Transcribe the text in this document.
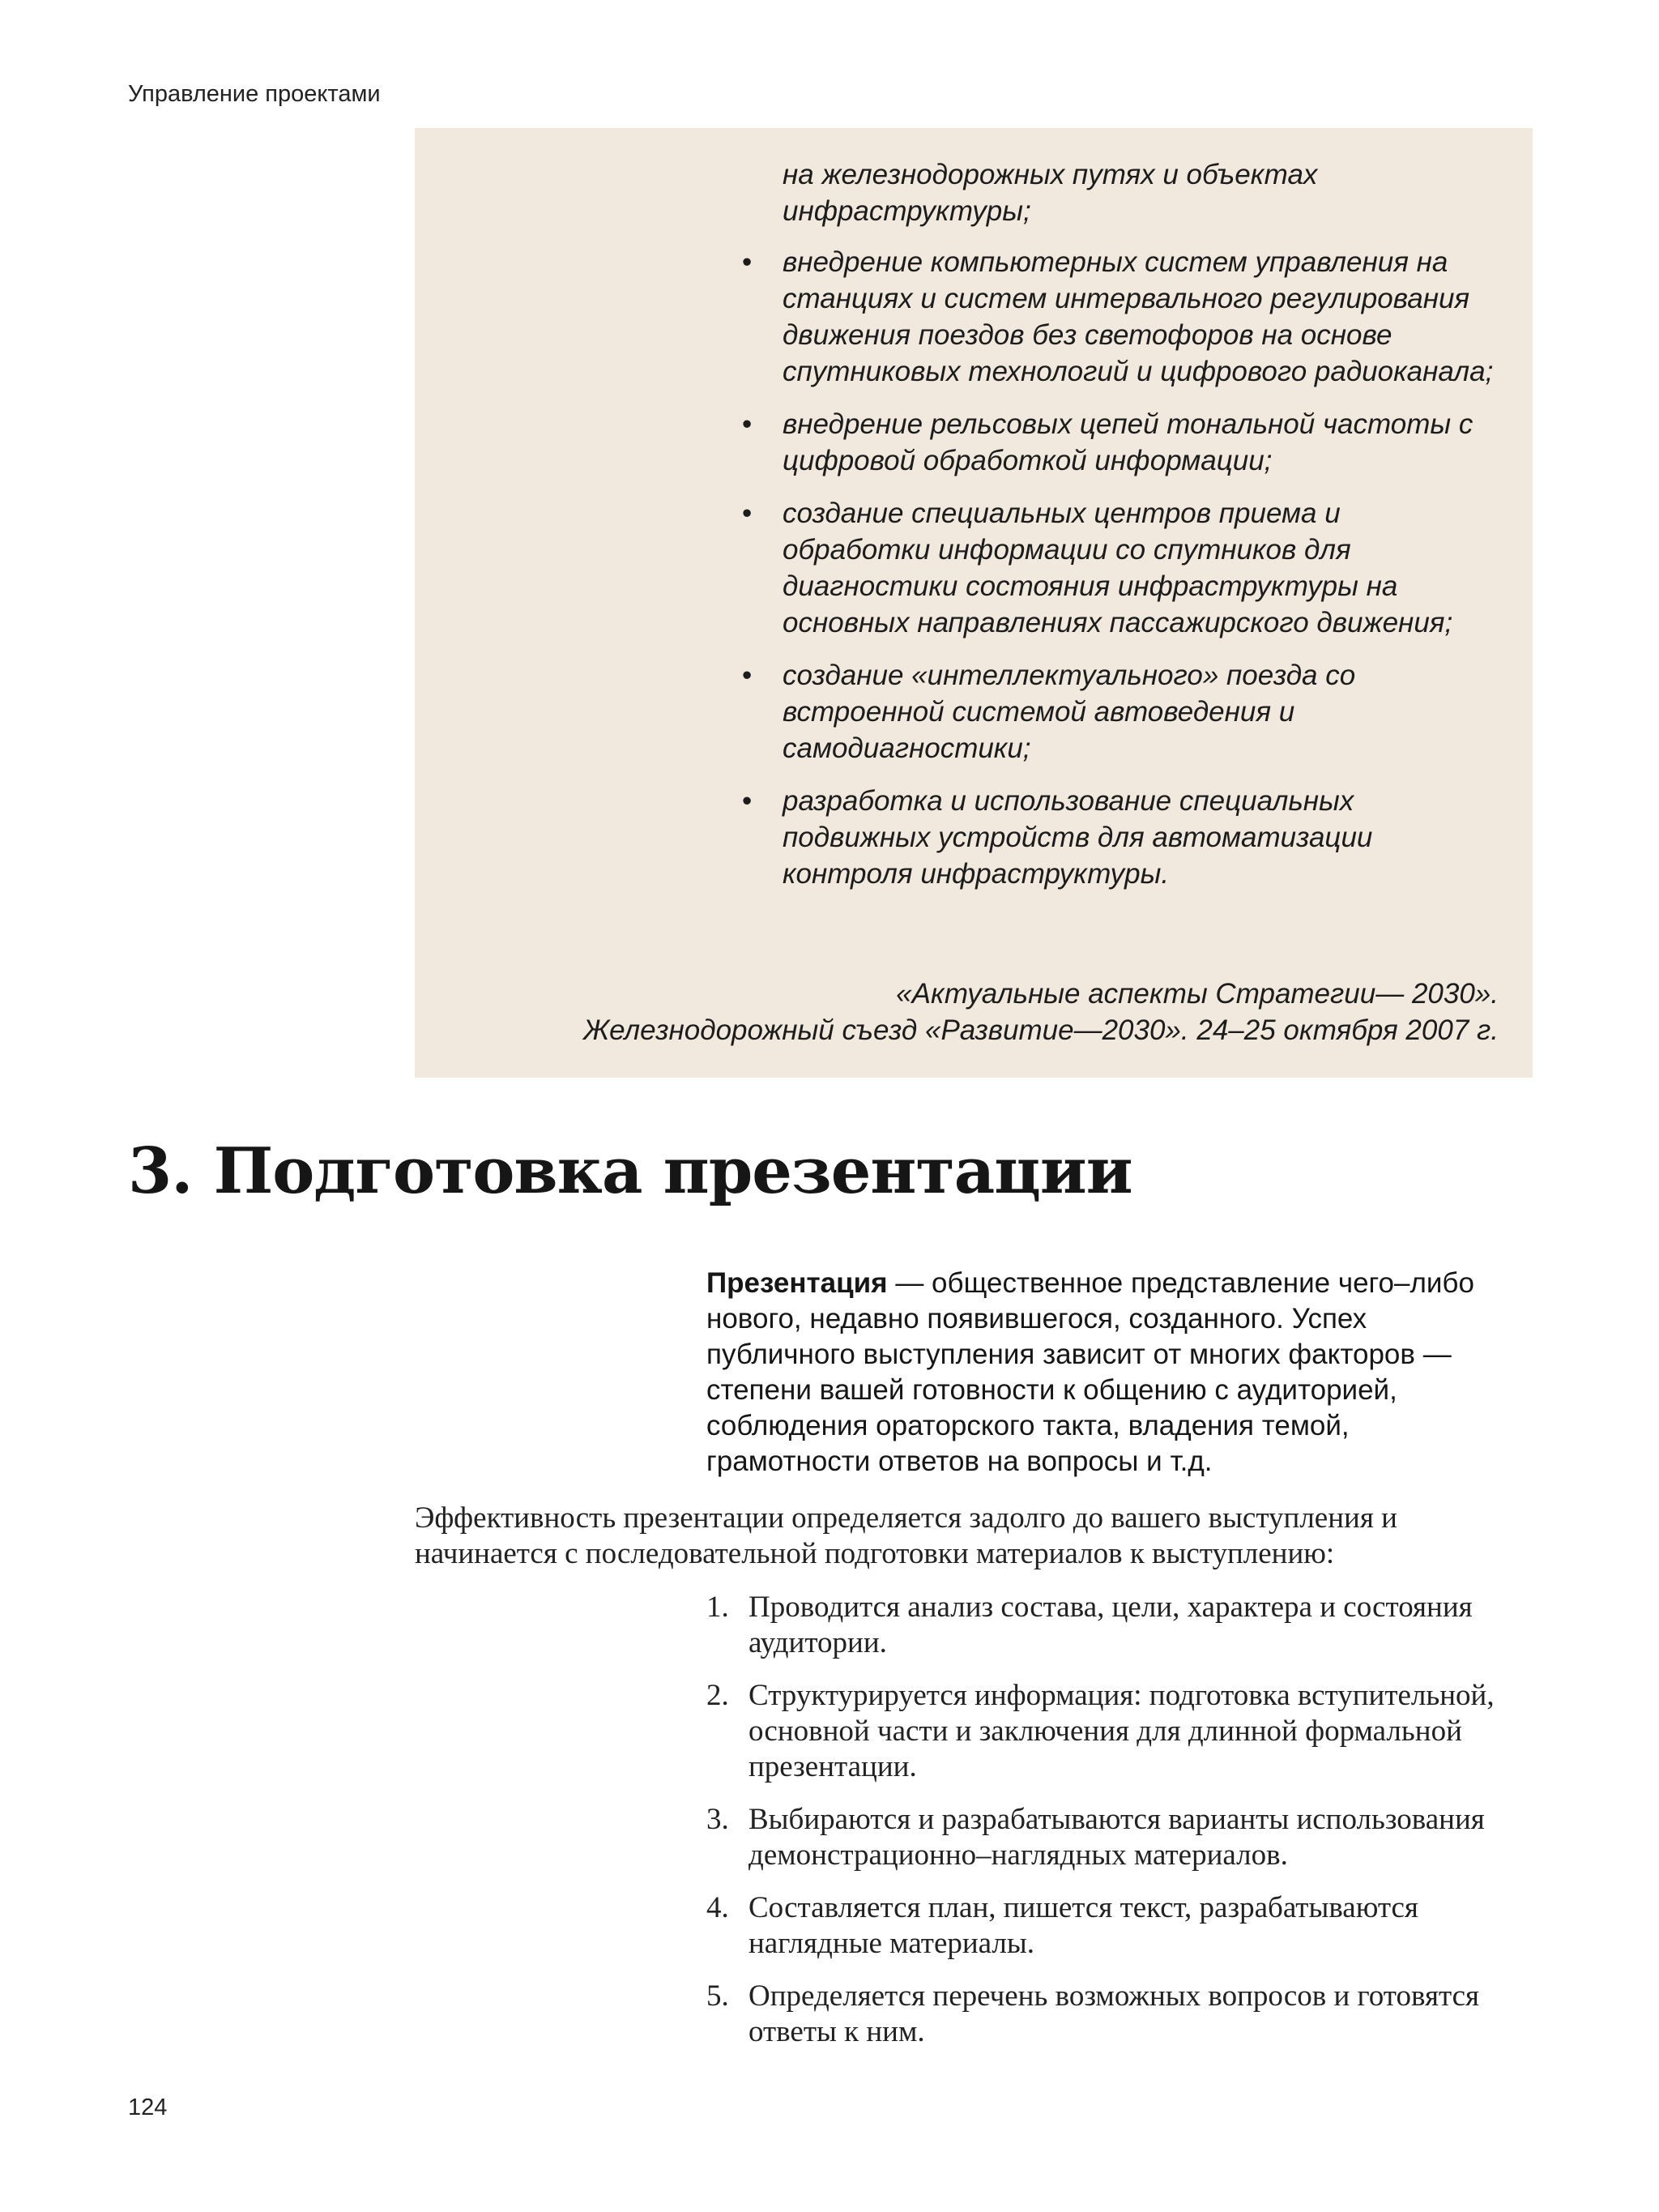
Управление проектами

на железнодорожных путях и объектах инфраструктуры;

• внедрение компьютерных систем управления на станциях и систем интервального регулирования движения поездов без светофоров на основе спутниковых технологий и цифрового радиоканала;
• внедрение рельсовых цепей тональной частоты с цифровой обработкой информации;
• создание специальных центров приема и обработки информации со спутников для диагностики состояния инфраструктуры на основных направлениях пассажирского движения;
• создание «интеллектуального» поезда со встроенной системой автоведения и самодиагностики;
• разработка и использование специальных подвижных устройств для автоматизации контроля инфраструктуры.
«Актуальные аспекты Стратегии— 2030».
Железнодорожный съезд «Развитие—2030». 24–25 октября 2007 г.
3. Подготовка презентации

Презентация — общественное представление чего–либо нового, недавно появившегося, созданного. Успех публичного выступления зависит от многих факторов — степени вашей готовности к общению с аудиторией, соблюдения ораторского такта, владения темой, грамотности ответов на вопросы и т.д.

Эффективность презентации определяется задолго до вашего выступления и начинается с последовательной подготовки материалов к выступлению:

1. Проводится анализ состава, цели, характера и состояния аудитории.
2. Структурируется информация: подготовка вступительной, основной части и заключения для длинной формальной презентации.
3. Выбираются и разрабатываются варианты использования демонстрационно–наглядных материалов.
4. Составляется план, пишется текст, разрабатываются наглядные материалы.
5. Определяется перечень возможных вопросов и готовятся ответы к ним.

124
